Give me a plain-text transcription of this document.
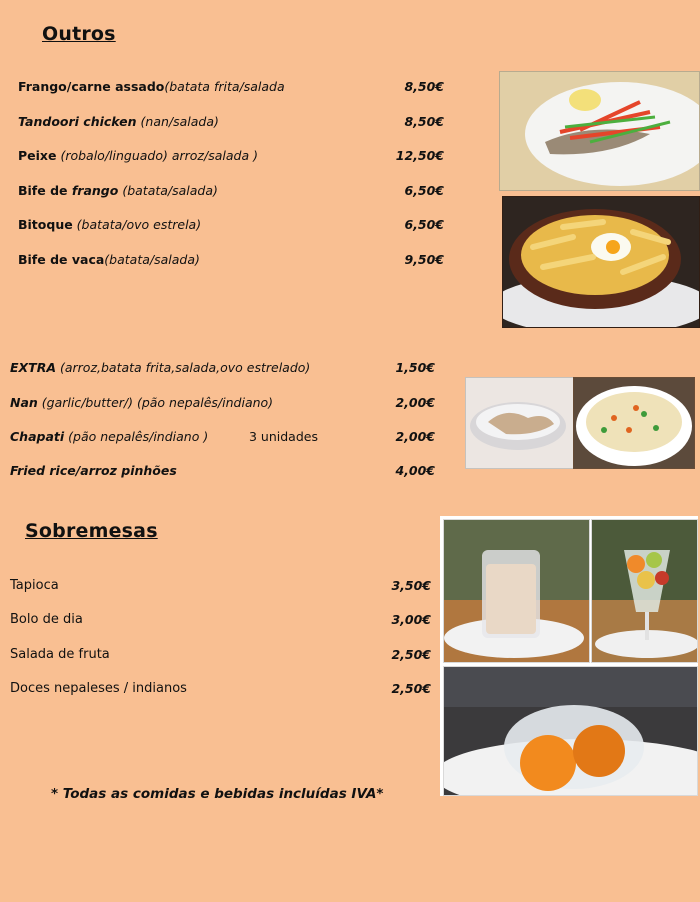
Outros
Frango/carne assado(batata frita/salada	8,50€
Tandoori chicken (nan/salada)	8,50€
Peixe (robalo/linguado) arroz/salada )	12,50€
Bife de frango (batata/salada)	6,50€
Bitoque (batata/ovo estrela)	6,50€
Bife de vaca(batata/salada)	9,50€
EXTRA (arroz,batata frita,salada,ovo estrelado)	1,50€
Nan (garlic/butter/) (pão nepalês/indiano)	2,00€
Chapati (pão nepalês/indiano )	3 unidades	2,00€
Fried rice/arroz pinhões	4,00€
Sobremesas
Tapioca	3,50€
Bolo de dia	3,00€
Salada de fruta	2,50€
Doces nepaleses / indianos	2,50€
* Todas as comidas e bebidas incluídas IVA*
